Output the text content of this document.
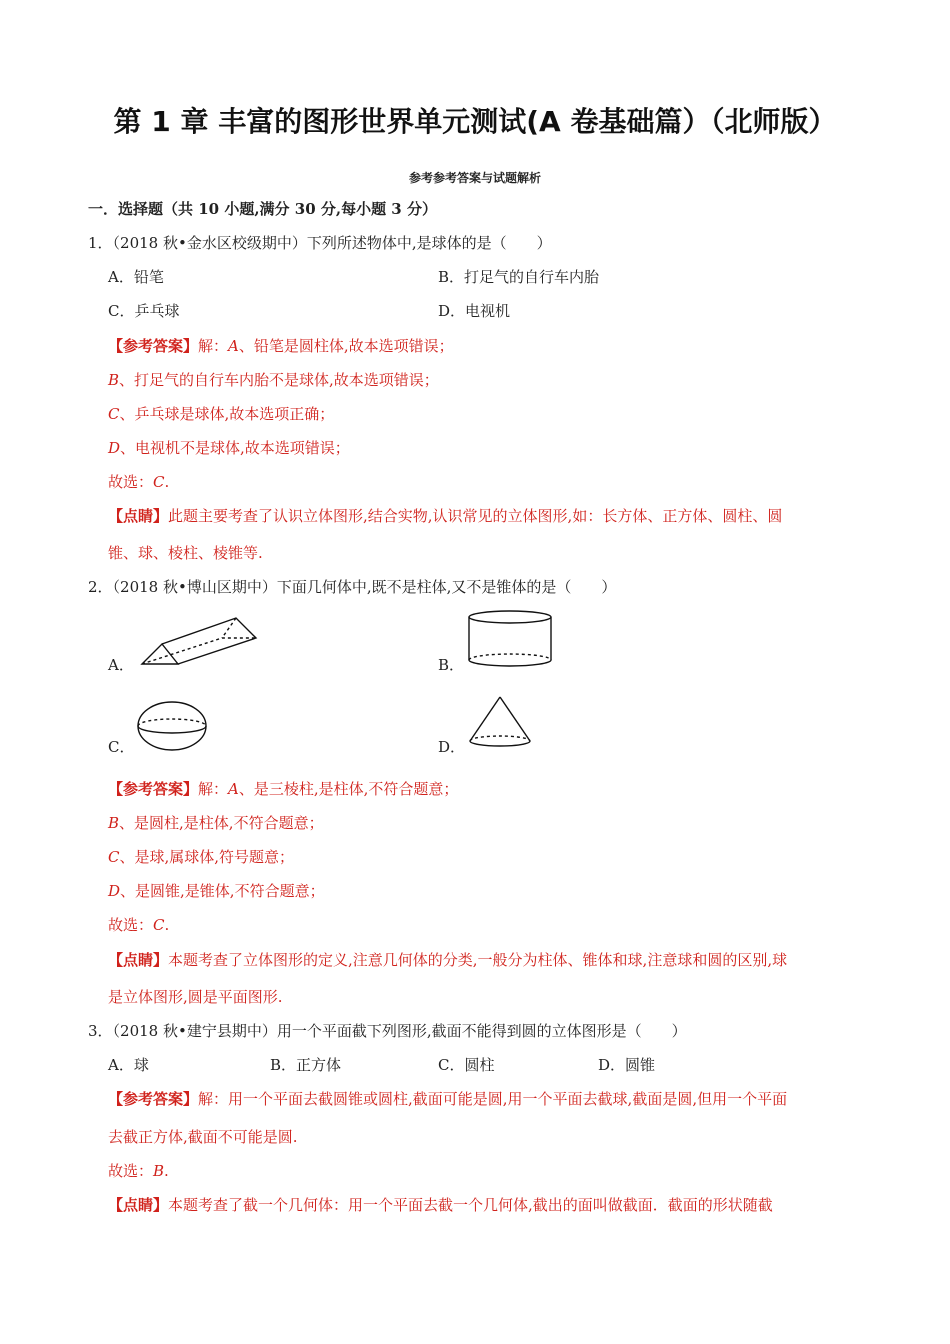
第 1 章 丰富的图形世界单元测试(A 卷基础篇）（北师版）
参考参考答案与试题解析
一．选择题（共 10 小题,满分 30 分,每小题 3 分）
1．（2018 秋•金水区校级期中）下列所述物体中,是球体的是（　　）
A．铅笔	B．打足气的自行车内胎
C．乒乓球	D．电视机
【参考答案】解：A、铅笔是圆柱体,故本选项错误；
B、打足气的自行车内胎不是球体,故本选项错误；
C、乒乓球是球体,故本选项正确；
D、电视机不是球体,故本选项错误；
故选：C.
【点睛】此题主要考查了认识立体图形,结合实物,认识常见的立体图形,如：长方体、正方体、圆柱、圆
锥、球、棱柱、棱锥等.
2．（2018 秋•博山区期中）下面几何体中,既不是柱体,又不是锥体的是（　　）
A．	B．
C．	D．
【参考答案】解：A、是三棱柱,是柱体,不符合题意；
B、是圆柱,是柱体,不符合题意；
C、是球,属球体,符号题意；
D、是圆锥,是锥体,不符合题意；
故选：C.
【点睛】本题考查了立体图形的定义,注意几何体的分类,一般分为柱体、锥体和球,注意球和圆的区别,球
是立体图形,圆是平面图形.
3．（2018 秋•建宁县期中）用一个平面截下列图形,截面不能得到圆的立体图形是（　　）
A．球	B．正方体	C．圆柱	D．圆锥
【参考答案】解：用一个平面去截圆锥或圆柱,截面可能是圆,用一个平面去截球,截面是圆,但用一个平面
去截正方体,截面不可能是圆.
故选：B.
【点睛】本题考查了截一个几何体：用一个平面去截一个几何体,截出的面叫做截面．截面的形状随截
